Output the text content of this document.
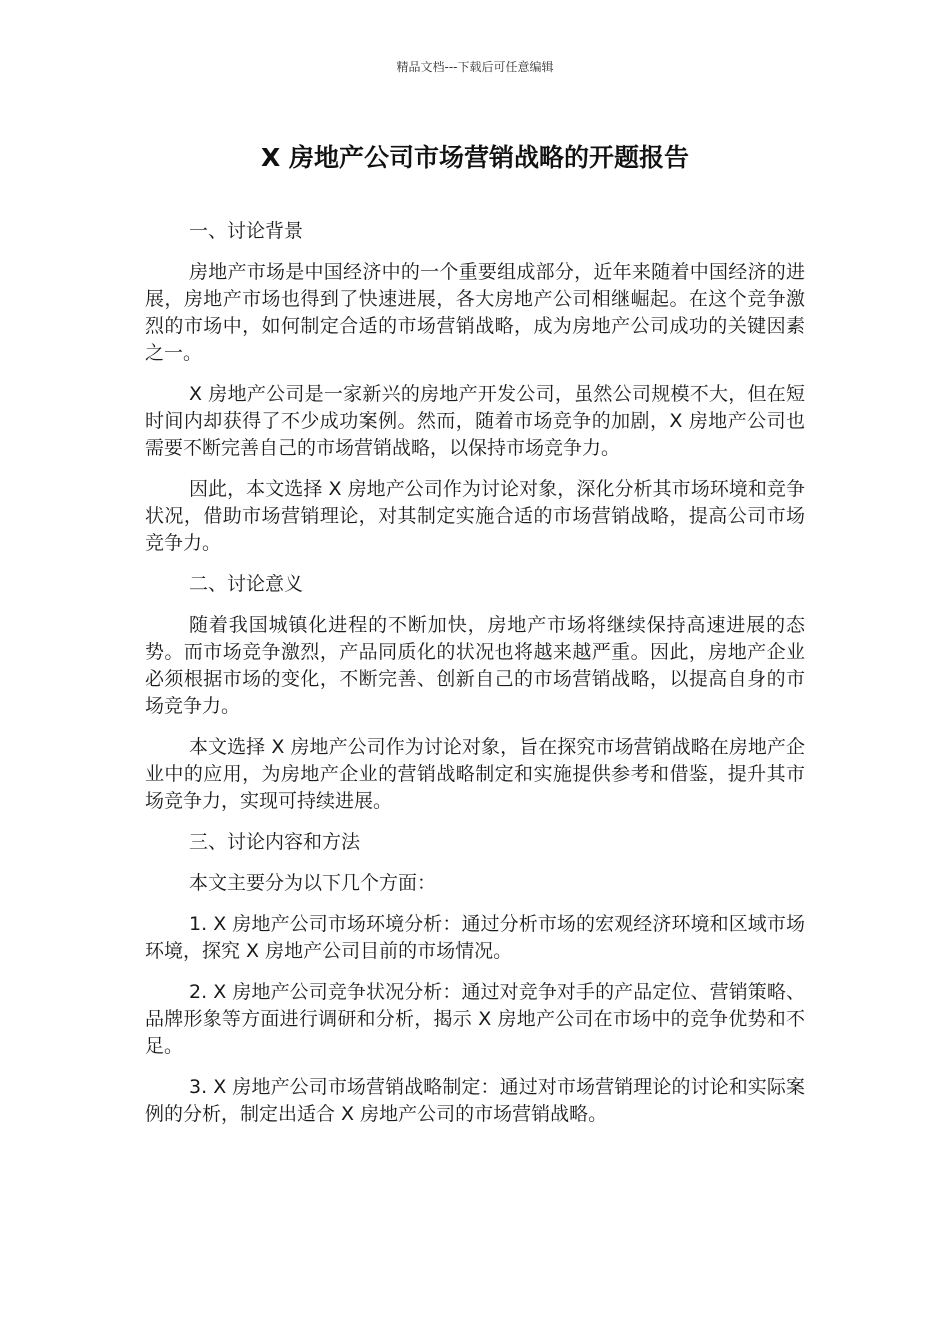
精品文档---下载后可任意编辑
X 房地产公司市场营销战略的开题报告
一、讨论背景

房地产市场是中国经济中的一个重要组成部分，近年来随着中国经济的进展，房地产市场也得到了快速进展，各大房地产公司相继崛起。在这个竞争激烈的市场中，如何制定合适的市场营销战略，成为房地产公司成功的关键因素之一。

X 房地产公司是一家新兴的房地产开发公司，虽然公司规模不大，但在短时间内却获得了不少成功案例。然而，随着市场竞争的加剧，X 房地产公司也需要不断完善自己的市场营销战略，以保持市场竞争力。

因此，本文选择 X 房地产公司作为讨论对象，深化分析其市场环境和竞争状况，借助市场营销理论，对其制定实施合适的市场营销战略，提高公司市场竞争力。

二、讨论意义

随着我国城镇化进程的不断加快，房地产市场将继续保持高速进展的态势。而市场竞争激烈，产品同质化的状况也将越来越严重。因此，房地产企业必须根据市场的变化，不断完善、创新自己的市场营销战略，以提高自身的市场竞争力。

本文选择 X 房地产公司作为讨论对象，旨在探究市场营销战略在房地产企业中的应用，为房地产企业的营销战略制定和实施提供参考和借鉴，提升其市场竞争力，实现可持续进展。

三、讨论内容和方法

本文主要分为以下几个方面：

1. X 房地产公司市场环境分析：通过分析市场的宏观经济环境和区域市场环境，探究 X 房地产公司目前的市场情况。

2. X 房地产公司竞争状况分析：通过对竞争对手的产品定位、营销策略、品牌形象等方面进行调研和分析，揭示 X 房地产公司在市场中的竞争优势和不足。

3. X 房地产公司市场营销战略制定：通过对市场营销理论的讨论和实际案例的分析，制定出适合 X 房地产公司的市场营销战略。
